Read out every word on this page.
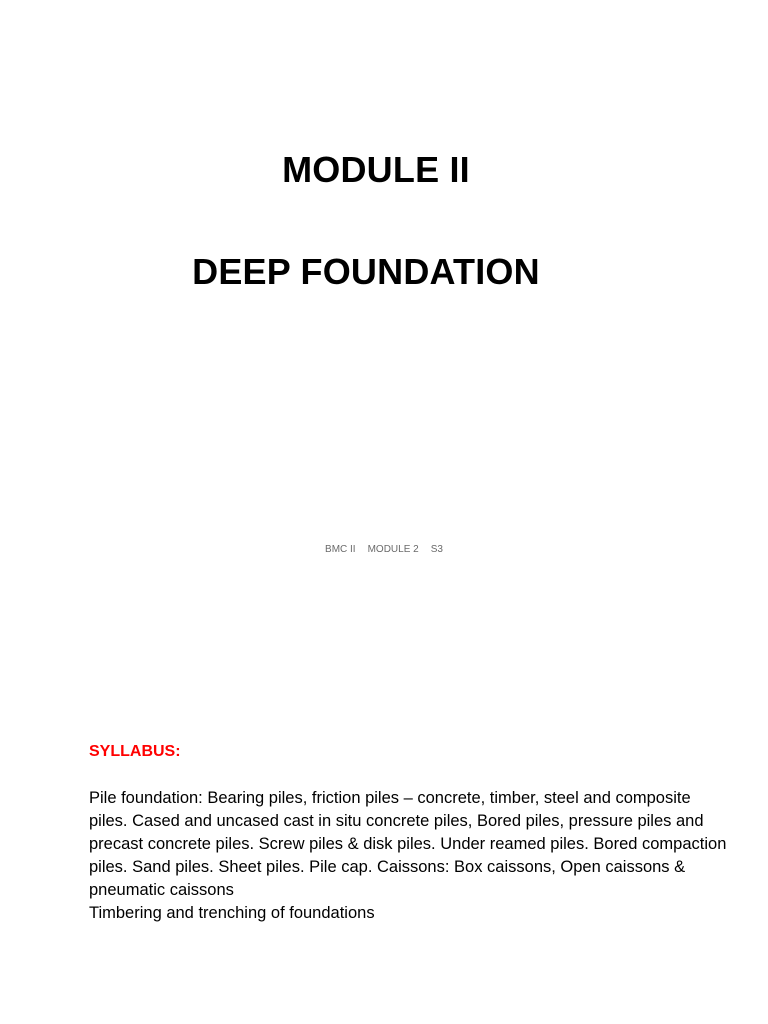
MODULE II
DEEP FOUNDATION
BMC II MODULE 2 S3
SYLLABUS:

Pile foundation: Bearing piles, friction piles – concrete, timber, steel and composite piles. Cased and uncased cast in situ concrete piles, Bored piles, pressure piles and precast concrete piles. Screw piles & disk piles. Under reamed piles. Bored compaction piles. Sand piles. Sheet piles. Pile cap. Caissons: Box caissons, Open caissons & pneumatic caissons

Timbering and trenching of foundations
